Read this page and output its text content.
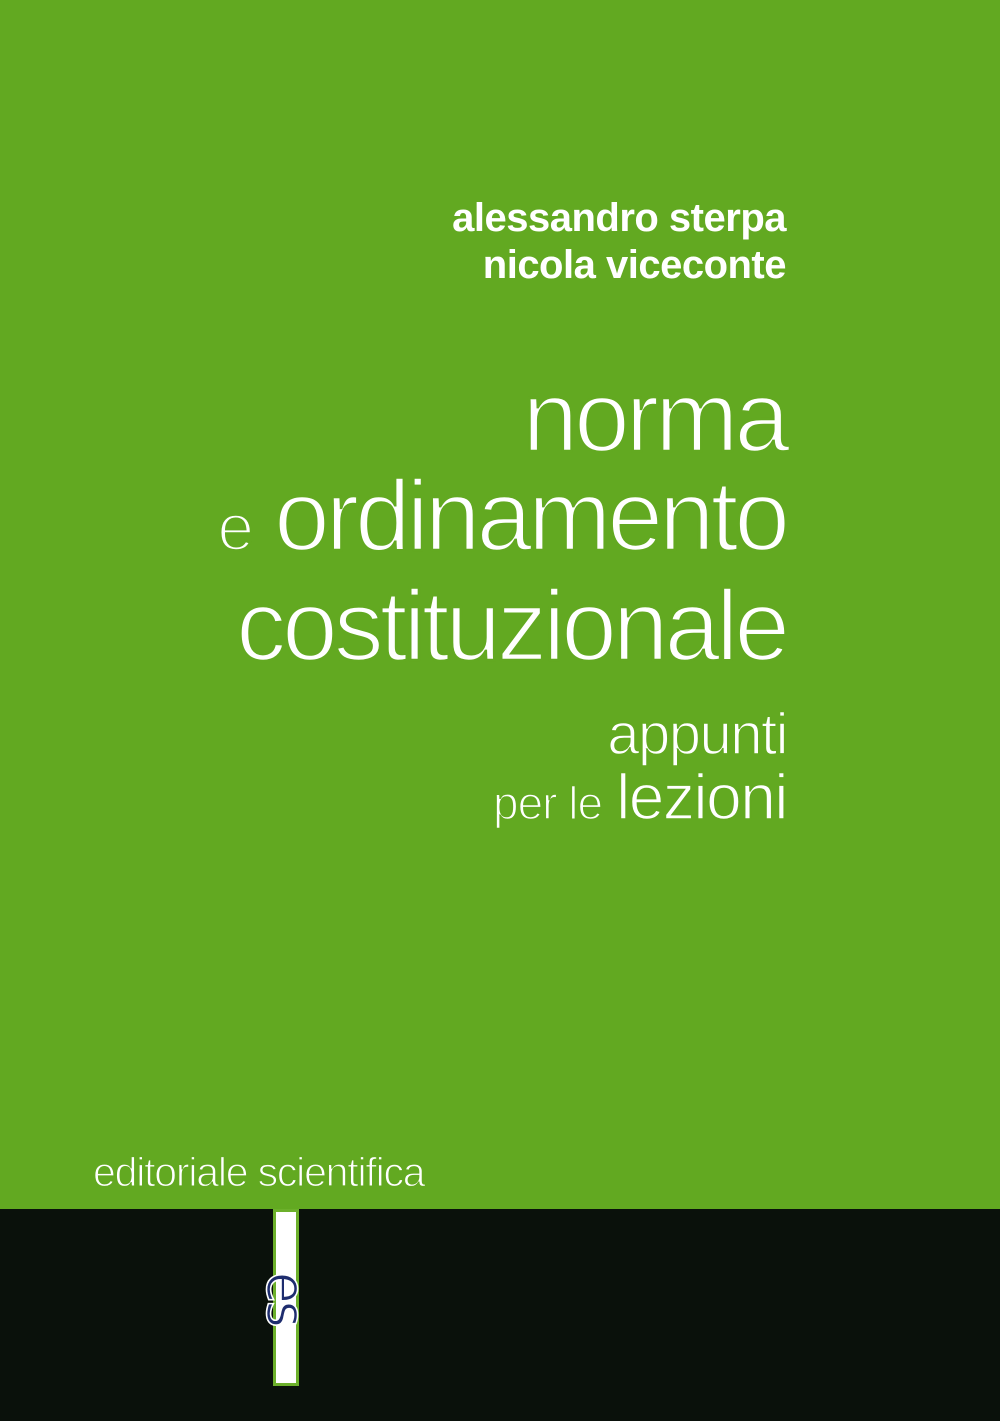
alessandro sterpa
nicola viceconte
norma
e ordinamento
costituzionale
appunti
per le lezioni
editoriale scientifica
es
